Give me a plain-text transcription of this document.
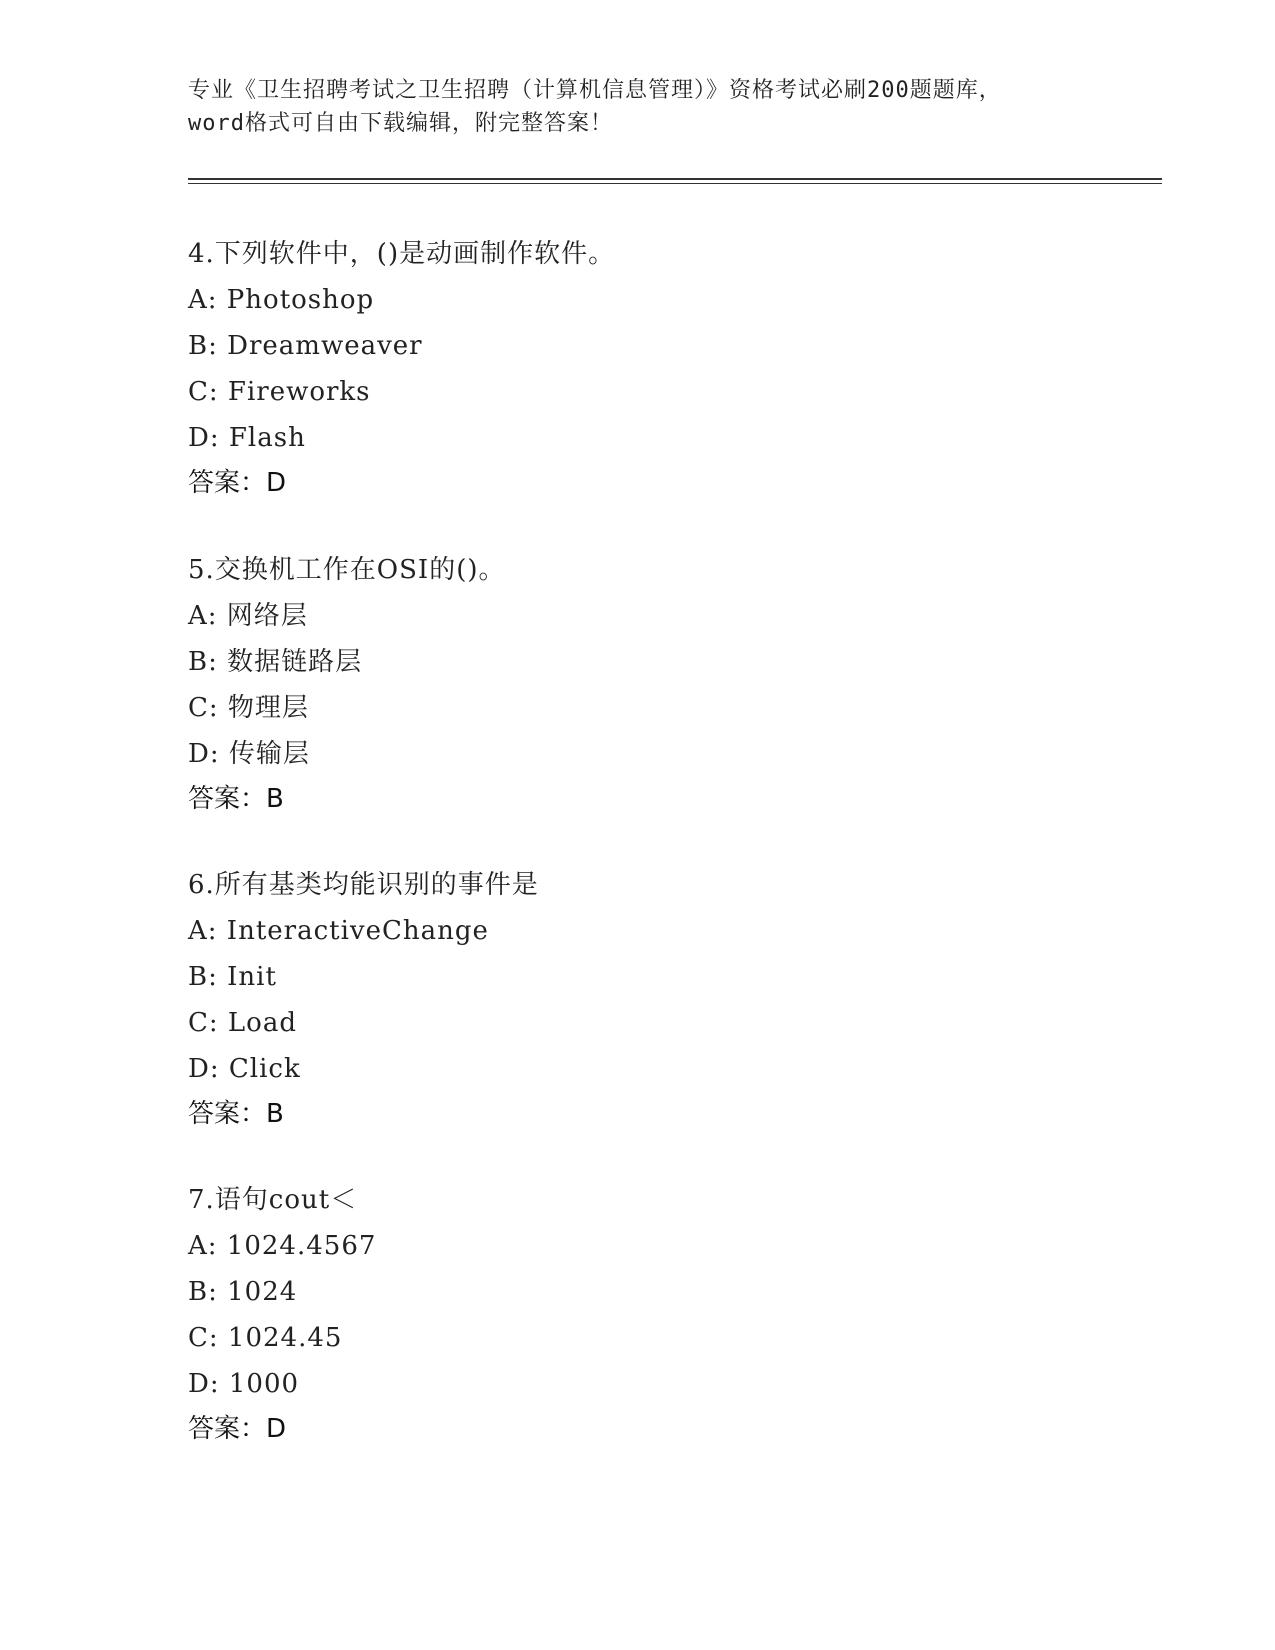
专业《卫生招聘考试之卫生招聘（计算机信息管理）》资格考试必刷200题题库，
word格式可自由下载编辑，附完整答案！
4.下列软件中，()是动画制作软件。
A: Photoshop
B: Dreamweaver
C: Fireworks
D: Flash
答案：D
5.交换机工作在OSI的()。
A: 网络层
B: 数据链路层
C: 物理层
D: 传输层
答案：B
6.所有基类均能识别的事件是
A: InteractiveChange
B: Init
C: Load
D: Click
答案：B
7.语句cout＜
A: 1024.4567
B: 1024
C: 1024.45
D: 1000
答案：D
